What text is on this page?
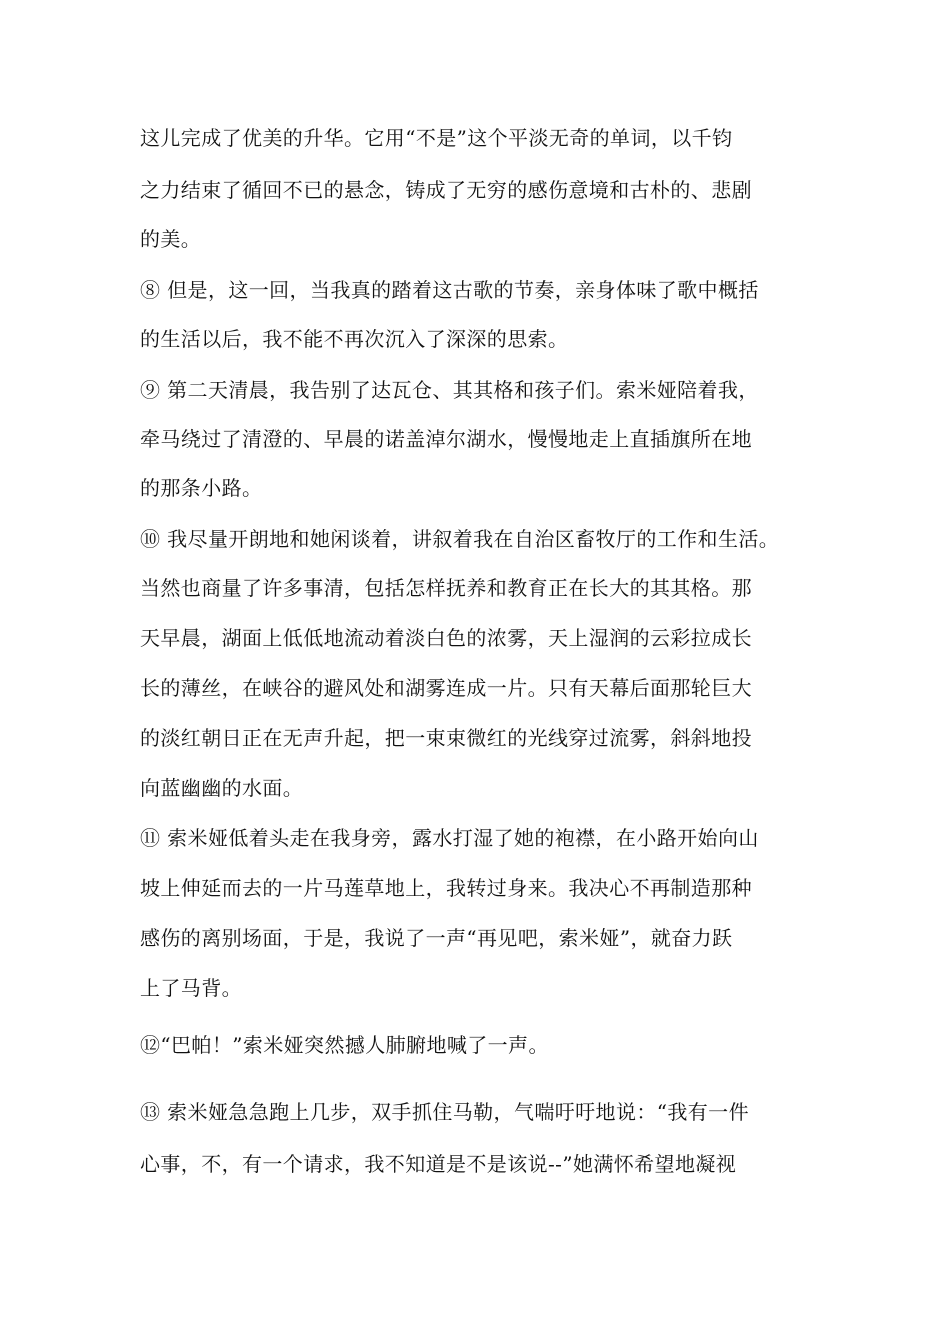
这儿完成了优美的升华。它用“不是”这个平淡无奇的单词，以千钧
之力结束了循回不已的悬念，铸成了无穷的感伤意境和古朴的、悲剧
的美。
⑧ 但是，这一回，当我真的踏着这古歌的节奏，亲身体味了歌中概括
的生活以后，我不能不再次沉入了深深的思索。
⑨ 第二天清晨，我告别了达瓦仓、其其格和孩子们。索米娅陪着我，
牵马绕过了清澄的、早晨的诺盖淖尔湖水，慢慢地走上直插旗所在地
的那条小路。
⑩ 我尽量开朗地和她闲谈着，讲叙着我在自治区畜牧厅的工作和生活。
当然也商量了许多事清，包括怎样抚养和教育正在长大的其其格。那
天早晨，湖面上低低地流动着淡白色的浓雾，天上湿润的云彩拉成长
长的薄丝，在峡谷的避风处和湖雾连成一片。只有天幕后面那轮巨大
的淡红朝日正在无声升起，把一束束微红的光线穿过流雾，斜斜地投
向蓝幽幽的水面。
⑪ 索米娅低着头走在我身旁，露水打湿了她的袍襟，在小路开始向山
坡上伸延而去的一片马莲草地上，我转过身来。我决心不再制造那种
感伤的离别场面，于是，我说了一声“再见吧，索米娅”，就奋力跃
上了马背。
⑫“巴帕！”索米娅突然撼人肺腑地喊了一声。
⑬ 索米娅急急跑上几步，双手抓住马勒，气喘吁吁地说：“我有一件
心事，不，有一个请求，我不知道是不是该说--”她满怀希望地凝视
